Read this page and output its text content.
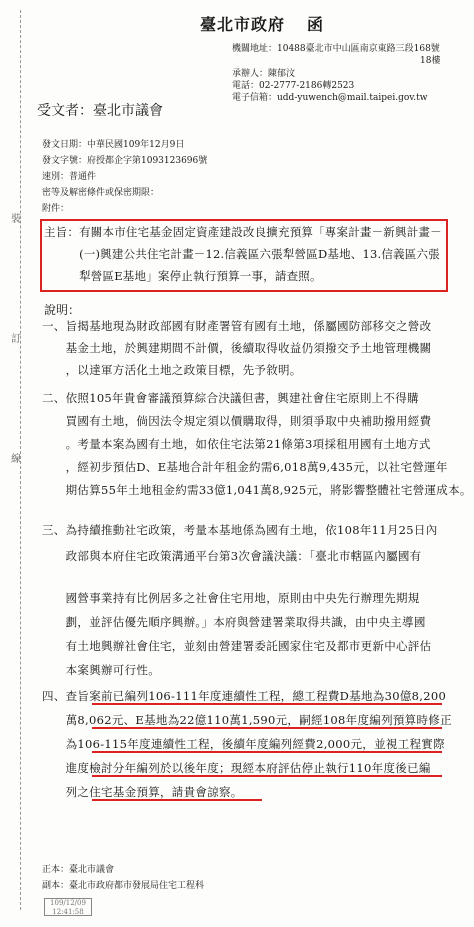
裝
訂
線
臺北市政府 函
機關地址：10488臺北市中山區南京東路三段168號
18樓
承辦人：陳郁汶
電話：02-2777-2186轉2523
電子信箱：udd-yuwench@mail.taipei.gov.tw
受文者：臺北市議會
發文日期：中華民國109年12月9日
發文字號：府授都企字第1093123696號
速別：普通件
密等及解密條件或保密期限：
附件：
主旨：有關本市住宅基金固定資產建設改良擴充預算「專案計畫－新興計畫－
　　　(一)興建公共住宅計畫－12.信義區六張犁營區D基地、13.信義區六張
　　　犁營區E基地」案停止執行預算一事，請查照。
說明：
一、旨揭基地現為財政部國有財產署管有國有土地，係屬國防部移交之營改
　　基金土地，於興建期間不計價，後續取得收益仍須撥交予土地管理機關
　　，以達軍方活化土地之政策目標，先予敘明。
二、依照105年貴會審議預算綜合決議但書，興建社會住宅原則上不得購
　　買國有土地，倘因法令規定須以價購取得，則須爭取中央補助撥用經費
　　。考量本案為國有土地，如依住宅法第21條第3項採租用國有土地方式
　　，經初步預估D、E基地合計年租金約需6,018萬9,435元，以社宅營運年
　　期估算55年土地租金約需33億1,041萬8,925元，將影響整體社宅營運成本。
三、為持續推動社宅政策，考量本基地係為國有土地，依108年11月25日內
　　政部與本府住宅政策溝通平台第3次會議決議：「臺北市轄區內屬國有
　　國營事業持有比例居多之社會住宅用地，原則由中央先行辦理先期規
　　劃，並評估優先順序興辦。」本府與營建署業取得共識，由中央主導國
　　有土地興辦社會住宅，並刻由營建署委託國家住宅及都市更新中心評估
　　本案興辦可行性。
四、查旨案前已編列106-111年度連續性工程，總工程費D基地為30億8,200
　　萬8,062元、E基地為22億110萬1,590元，嗣經108年度編列預算時修正
　　為106-115年度連續性工程，後續年度編列經費2,000元，並視工程實際
　　進度檢討分年編列於以後年度；現經本府評估停止執行110年度後已編
　　列之住宅基金預算，請貴會諒察。
正本：臺北市議會
副本：臺北市政府都市發展局住宅工程科
109/12/09 12:41:58
